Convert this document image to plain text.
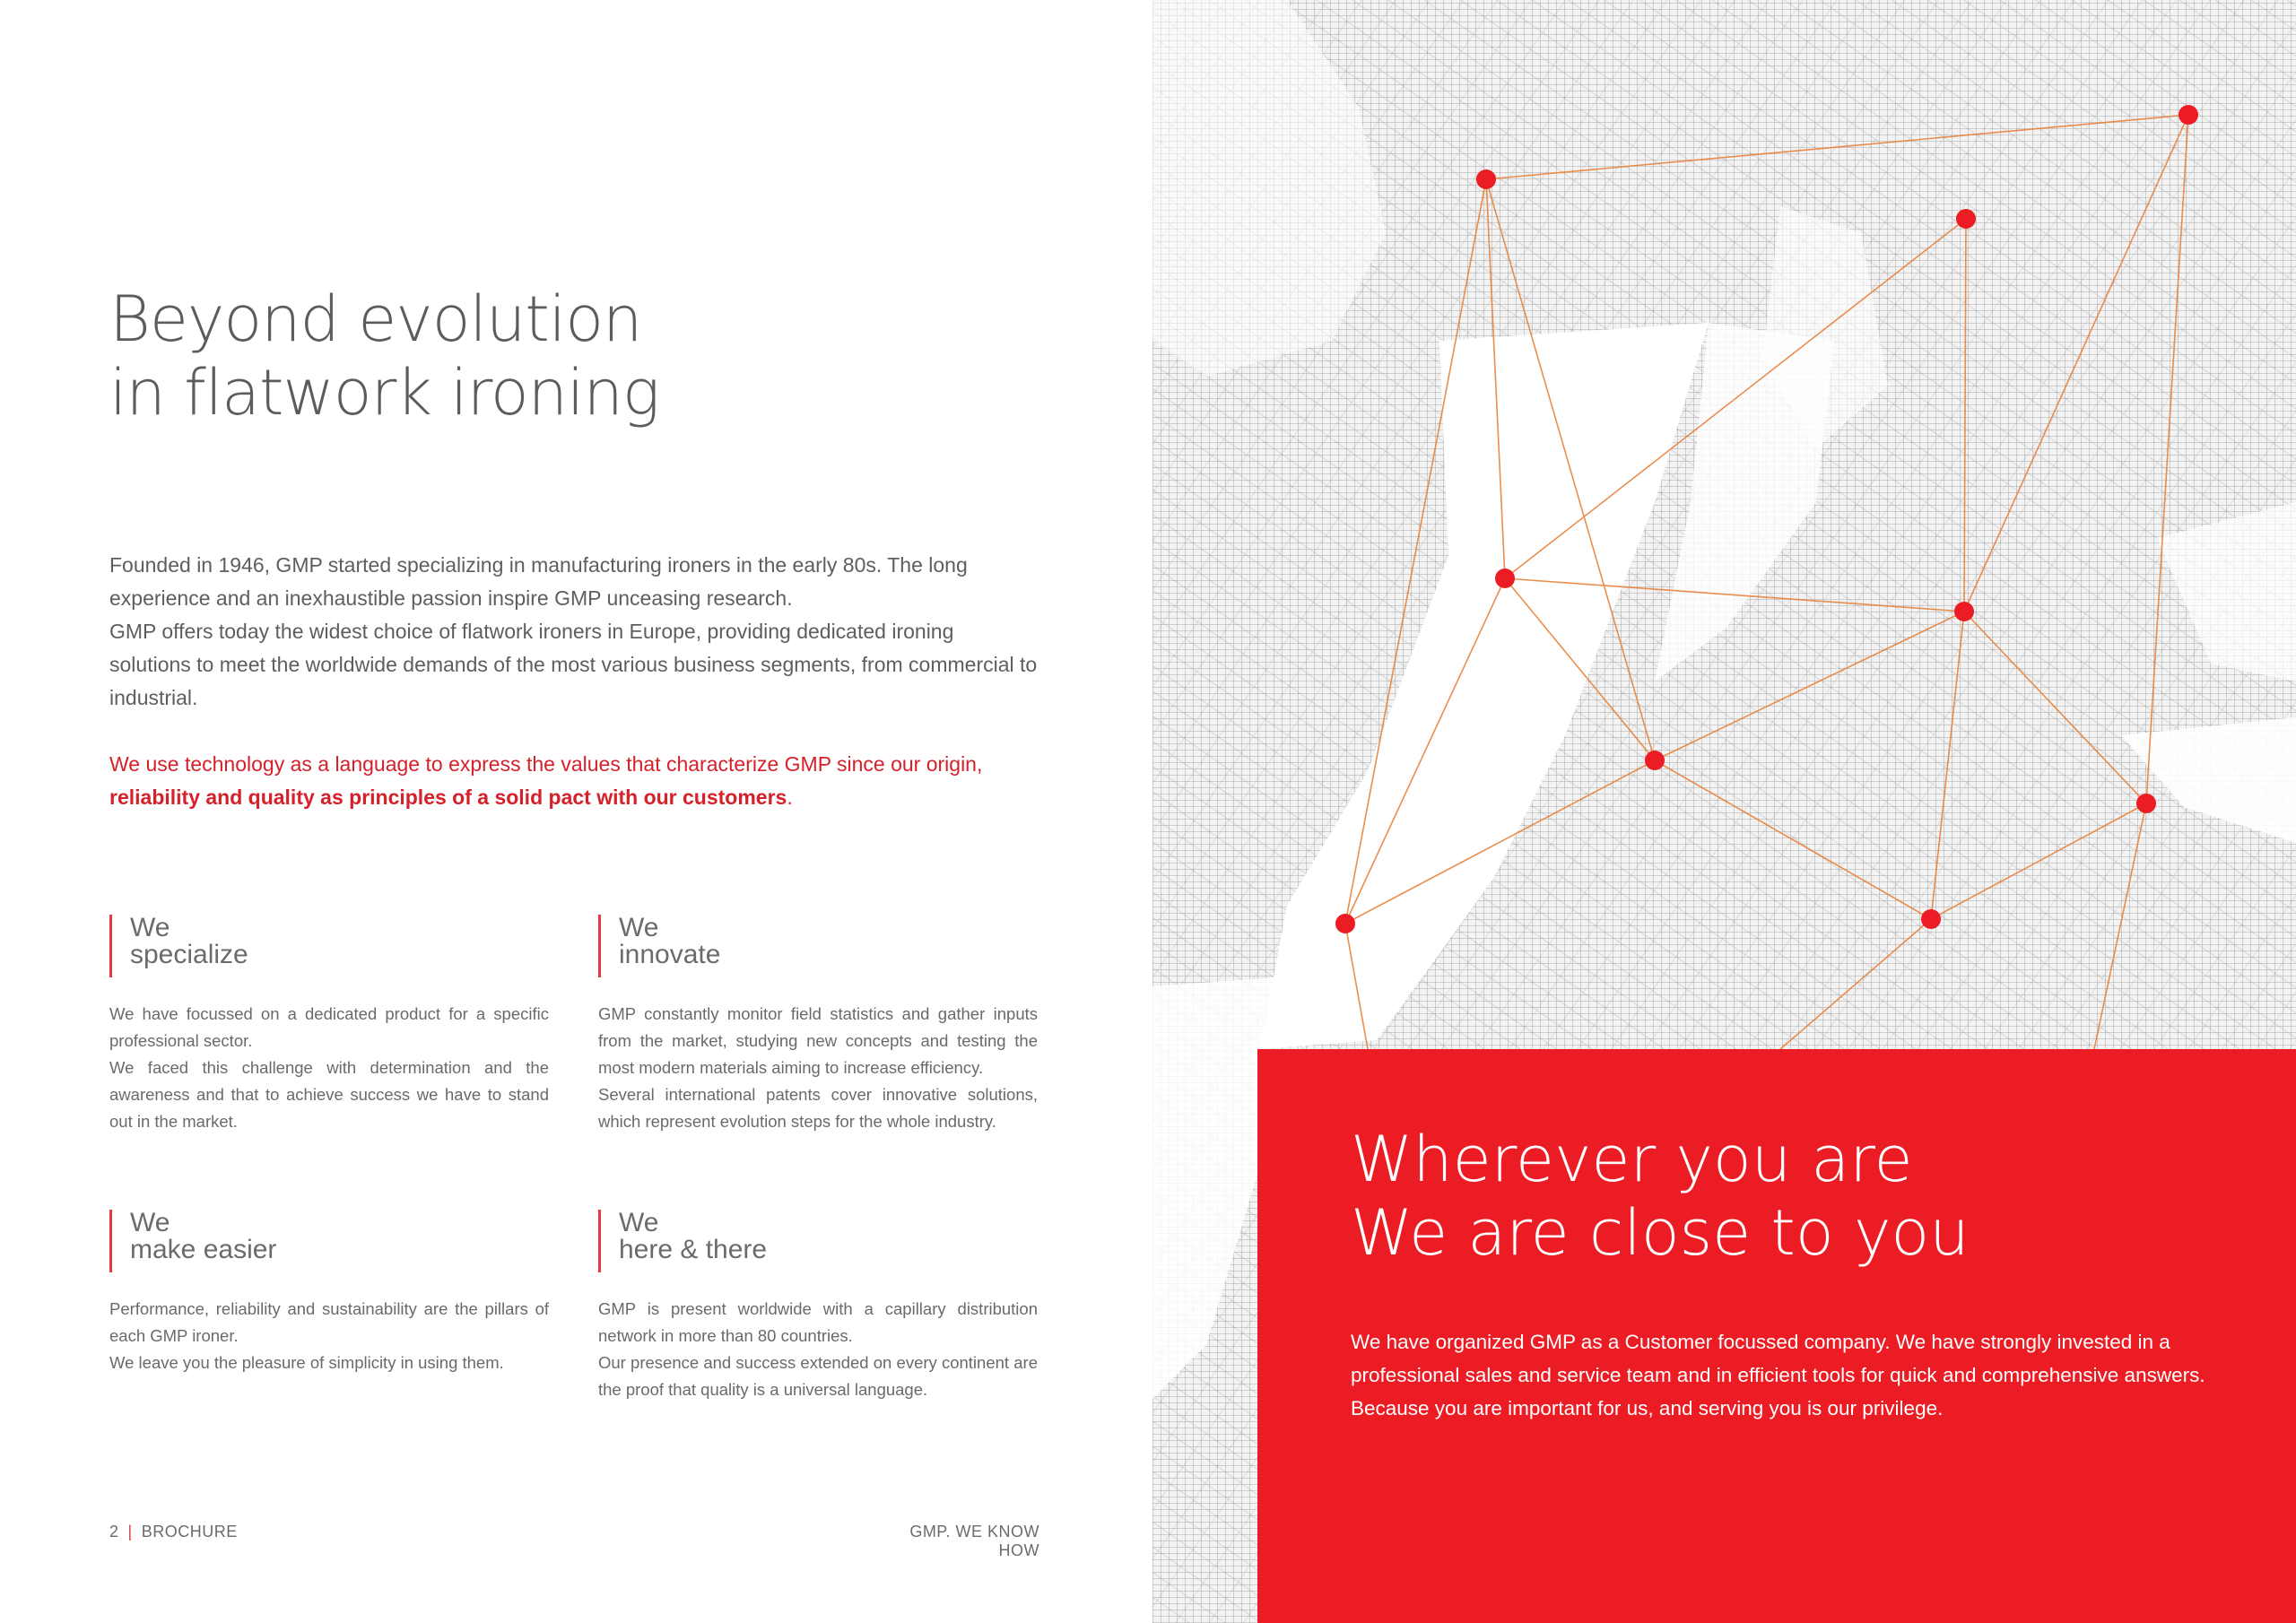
Beyond evolution
in flatwork ironing

Founded in 1946, GMP started specializing in manufacturing ironers in the early 80s. The long experience and an inexhaustible passion inspire GMP unceasing research.

GMP offers today the widest choice of flatwork ironers in Europe, providing dedicated ironing solutions to meet the worldwide demands of the most various business segments, from commercial to industrial.

We use technology as a language to express the values that characterize GMP since our origin, reliability and quality as principles of a solid pact with our customers.

We
specialize

We have focussed on a dedicated product for a specific professional sector.

We faced this challenge with determination and the awareness and that to achieve success we have to stand out in the market.

We
innovate

GMP constantly monitor field statistics and gather inputs from the market, studying new concepts and testing the most modern materials aiming to increase efficiency.

Several international patents cover innovative solutions, which represent evolution steps for the whole industry.

We
make easier

Performance, reliability and sustainability are the pillars of each GMP ironer.

We leave you the pleasure of simplicity in using them.

We
here & there

GMP is present worldwide with a capillary distribution network in more than 80 countries.

Our presence and success extended on every continent are the proof that quality is a universal language.

2 | BROCHURE	GMP. WE KNOW HOW
Wherever you are
We are close to you

We have organized GMP as a Customer focussed company. We have strongly invested in a professional sales and service team and in efficient tools for quick and comprehensive answers.

Because you are important for us, and serving you is our privilege.
